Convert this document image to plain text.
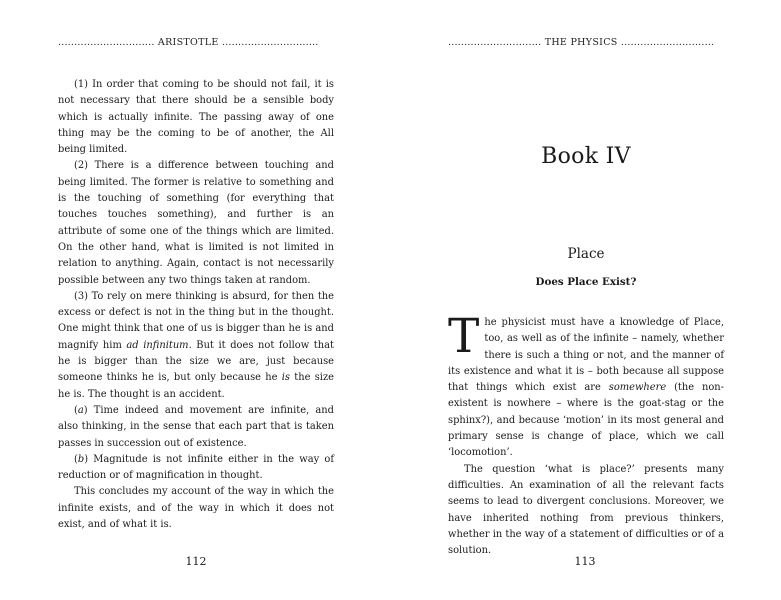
.............................. ARISTOTLE ..............................

(1) In order that coming to be should not fail, it is not necessary that there should be a sensible body which is actually infinite. The passing away of one thing may be the coming to be of another, the All being limited.

(2) There is a difference between touching and being limited. The former is relative to something and is the touching of something (for everything that touches touches something), and further is an attribute of some one of the things which are limited. On the other hand, what is limited is not limited in relation to anything. Again, contact is not necessarily possible between any two things taken at random.

(3) To rely on mere thinking is absurd, for then the excess or defect is not in the thing but in the thought. One might think that one of us is bigger than he is and magnify him ad infinitum. But it does not follow that he is bigger than the size we are, just because someone thinks he is, but only because he is the size he is. The thought is an accident.

(a) Time indeed and movement are infinite, and also thinking, in the sense that each part that is taken passes in succession out of existence.

(b) Magnitude is not infinite either in the way of reduction or of magnification in thought.

This concludes my account of the way in which the infinite exists, and of the way in which it does not exist, and of what it is.

112
............................. THE PHYSICS .............................
Book IV
Place
Does Place Exist?

The physicist must have a knowledge of Place, too, as well as of the infinite – namely, whether there is such a thing or not, and the manner of its existence and what it is – both because all suppose that things which exist are somewhere (the non-existent is nowhere – where is the goat-stag or the sphinx?), and because ‘motion’ in its most general and primary sense is change of place, which we call ‘locomotion’.

The question ‘what is place?’ presents many difficulties. An examination of all the relevant facts seems to lead to divergent conclusions. Moreover, we have inherited nothing from previous thinkers, whether in the way of a statement of difficulties or of a solution.

113
